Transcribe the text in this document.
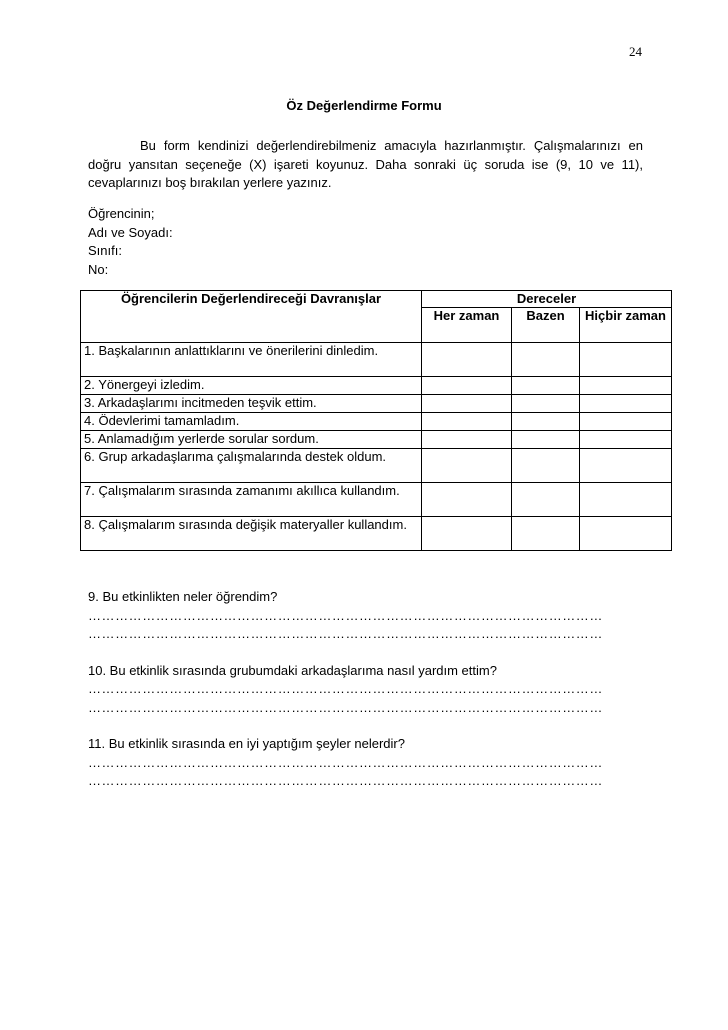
24
Öz Değerlendirme Formu
Bu form kendinizi değerlendirebilmeniz amacıyla hazırlanmıştır. Çalışmalarınızı en doğru yansıtan seçeneğe (X) işareti koyunuz. Daha sonraki üç soruda ise (9, 10 ve 11), cevaplarınızı boş bırakılan yerlere yazınız.
Öğrencinin;
Adı ve Soyadı:
Sınıfı:
No:
Öğrencilerin Değerlendireceği Davranışlar	Dereceler		
	Her zaman	Bazen	Hiçbir zaman
1. Başkalarının anlattıklarını ve önerilerini dinledim.			
2. Yönergeyi izledim.			
3. Arkadaşlarımı incitmeden teşvik ettim.			
4. Ödevlerimi tamamladım.			
5. Anlamadığım yerlerde sorular sordum.			
6. Grup arkadaşlarıma çalışmalarında destek oldum.			
7. Çalışmalarım sırasında zamanımı akıllıca kullandım.			
8. Çalışmalarım sırasında değişik materyaller kullandım.			

9. Bu etkinlikten neler öğrendim?

……………………………………………………………………………………………………
……………………………………………………………………………………………………

10. Bu etkinlik sırasında grubumdaki arkadaşlarıma nasıl yardım ettim?

……………………………………………………………………………………………………
……………………………………………………………………………………………………

11. Bu etkinlik sırasında en iyi yaptığım şeyler nelerdir?

……………………………………………………………………………………………………
……………………………………………………………………………………………………
